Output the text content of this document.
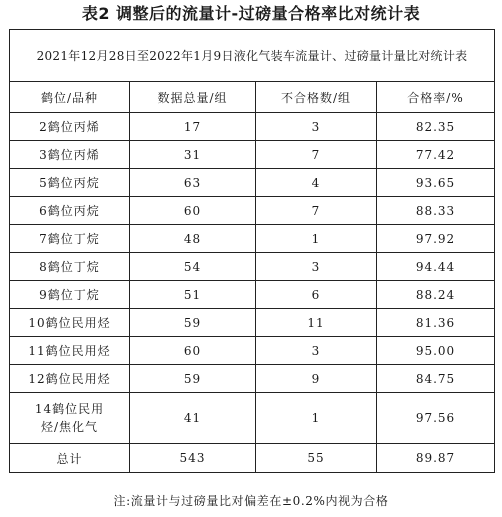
表2 调整后的流量计-过磅量合格率比对统计表
2021年12月28日至2022年1月9日液化气装车流量计、过磅量计量比对统计表			
鹤位/品种	数据总量/组	不合格数/组	合格率/%
2鹤位丙烯	17	3	82.35
3鹤位丙烯	31	7	77.42
5鹤位丙烷	63	4	93.65
6鹤位丙烷	60	7	88.33
7鹤位丁烷	48	1	97.92
8鹤位丁烷	54	3	94.44
9鹤位丁烷	51	6	88.24
10鹤位民用烃	59	11	81.36
11鹤位民用烃	60	3	95.00
12鹤位民用烃	59	9	84.75
14鹤位民用烃/焦化气	41	1	97.56
总计	543	55	89.87
注:流量计与过磅量比对偏差在±0.2%内视为合格
